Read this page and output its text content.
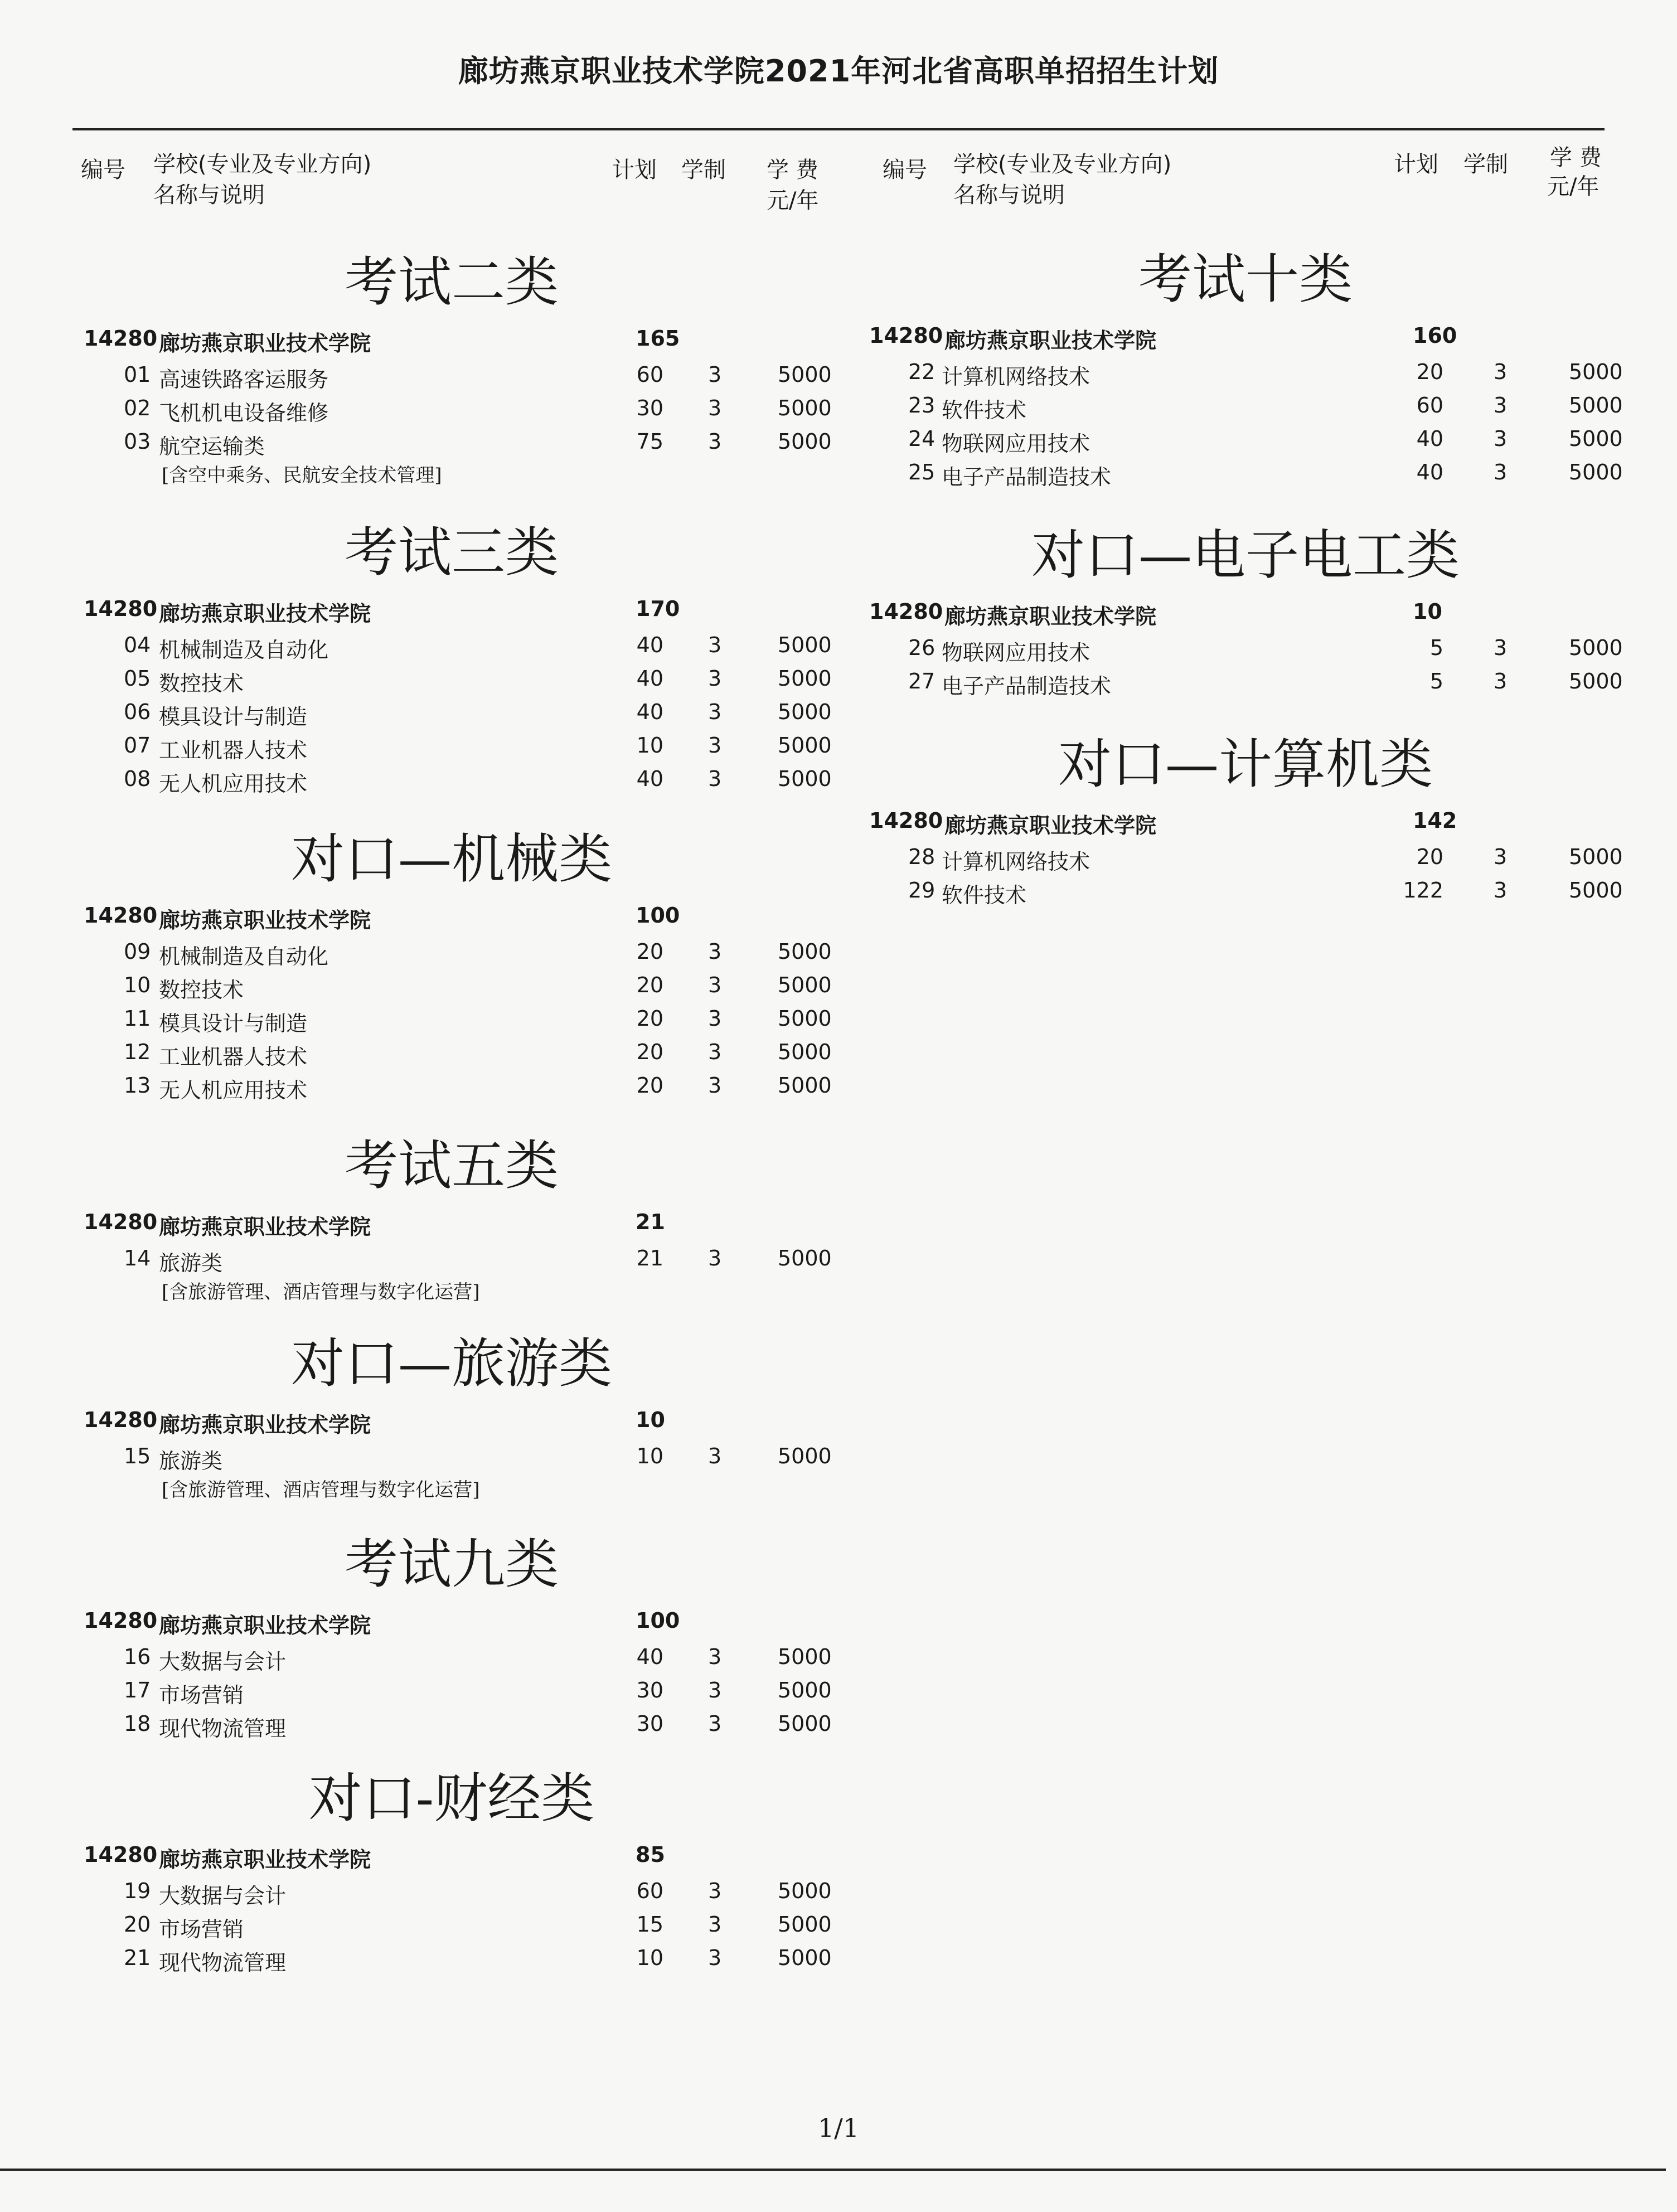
廊坊燕京职业技术学院2021年河北省高职单招招生计划
编号 学校(专业及专业方向)
名称与说明
计划 学制 学 费
元/年
编号 学校(专业及专业方向)
名称与说明
计划 学制 学 费
元/年
考试二类
14280 廊坊燕京职业技术学院	165
01 高速铁路客运服务	60 3	5000
02 飞机机电设备维修	30 3	5000
03 航空运输类	75 3	5000
[含空中乘务、民航安全技术管理]
考试三类
14280 廊坊燕京职业技术学院	170
04 机械制造及自动化	40 3	5000
05 数控技术	40 3	5000
06 模具设计与制造	40 3	5000
07 工业机器人技术	10 3	5000
08 无人机应用技术	40 3	5000
对口—机械类
14280 廊坊燕京职业技术学院	100
09 机械制造及自动化	20 3	5000
10 数控技术	20 3	5000
11 模具设计与制造	20 3	5000
12 工业机器人技术	20 3	5000
13 无人机应用技术	20 3	5000
考试五类
14280 廊坊燕京职业技术学院	21
14 旅游类	21 3	5000
[含旅游管理、酒店管理与数字化运营]
对口—旅游类
14280 廊坊燕京职业技术学院	10
15 旅游类	10 3	5000
[含旅游管理、酒店管理与数字化运营]
考试九类
14280 廊坊燕京职业技术学院	100
16 大数据与会计	40 3	5000
17 市场营销	30 3	5000
18 现代物流管理	30 3	5000
对口-财经类
14280 廊坊燕京职业技术学院	85
19 大数据与会计	60 3	5000
20 市场营销	15 3	5000
21 现代物流管理	10 3	5000
考试十类
14280 廊坊燕京职业技术学院	160
22 计算机网络技术	20 3	5000
23 软件技术	60 3	5000
24 物联网应用技术	40 3	5000
25 电子产品制造技术	40 3	5000
对口—电子电工类
14280 廊坊燕京职业技术学院	10
26 物联网应用技术	5 3	5000
27 电子产品制造技术	5 3	5000
对口—计算机类
14280 廊坊燕京职业技术学院	142
28 计算机网络技术	20 3	5000
29 软件技术	122 3	5000
1/1
